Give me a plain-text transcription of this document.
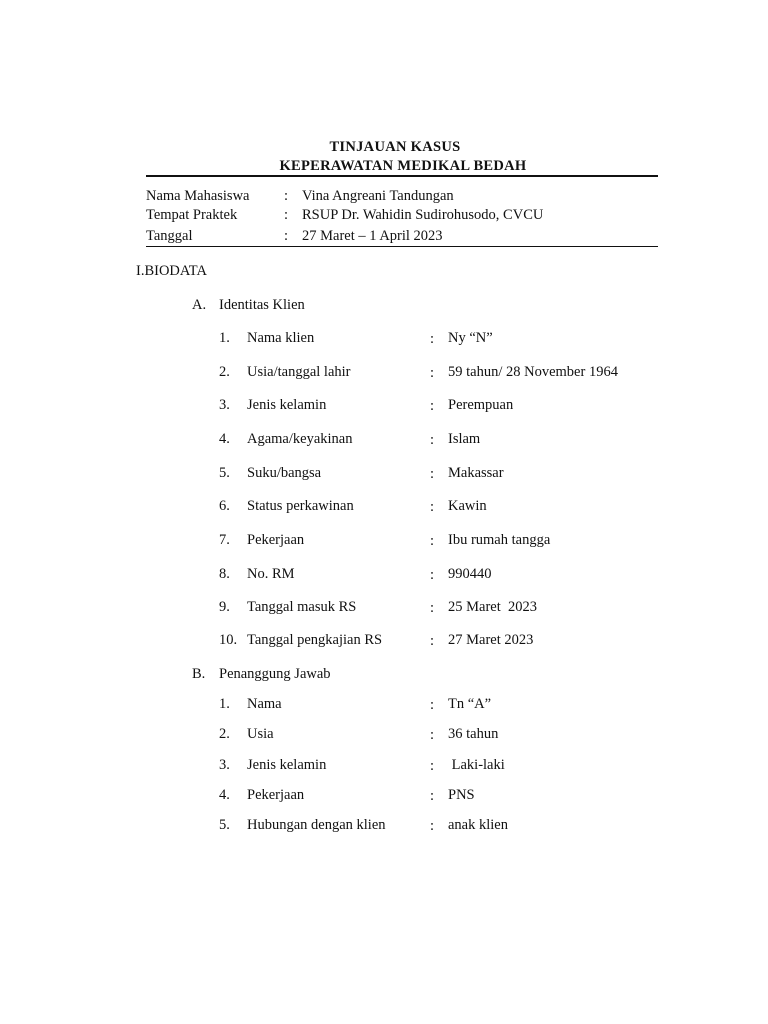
TINJAUAN KASUS
KEPERAWATAN MEDIKAL BEDAH
Nama Mahasiswa : Vina Angreani Tandungan
Tempat Praktek	: RSUP Dr. Wahidin Sudirohusodo, CVCU
Tanggal	: 27 Maret – 1 April 2023
I.BIODATA
A. Identitas Klien
1. Nama klien	: Ny “N”
2. Usia/tanggal lahir	: 59 tahun/ 28 November 1964
3. Jenis kelamin	: Perempuan
4. Agama/keyakinan	: Islam
5. Suku/bangsa	: Makassar
6. Status perkawinan	: Kawin
7. Pekerjaan	: Ibu rumah tangga
8. No. RM	: 990440
9. Tanggal masuk RS	: 25 Maret  2023
10. Tanggal pengkajian RS	: 27 Maret 2023
B. Penanggung Jawab
1. Nama	: Tn “A”
2. Usia	: 36 tahun
3. Jenis kelamin	: Laki-laki
4. Pekerjaan	: PNS
5. Hubungan dengan klien	: anak klien
